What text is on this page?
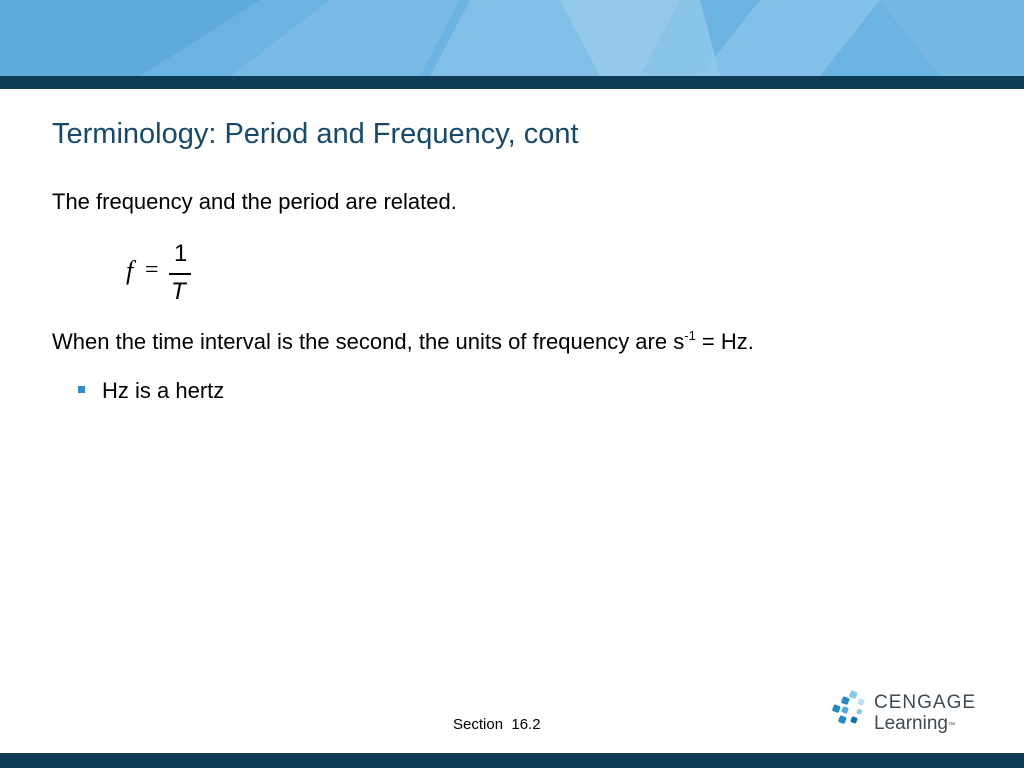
Terminology: Period and Frequency, cont

The frequency and the period are related.

f =
1
T

When the time interval is the second, the units of frequency are $s^{-1} = Hz$.

Hz is a hertz
Section  16.2
CENGAGE
Learning™
